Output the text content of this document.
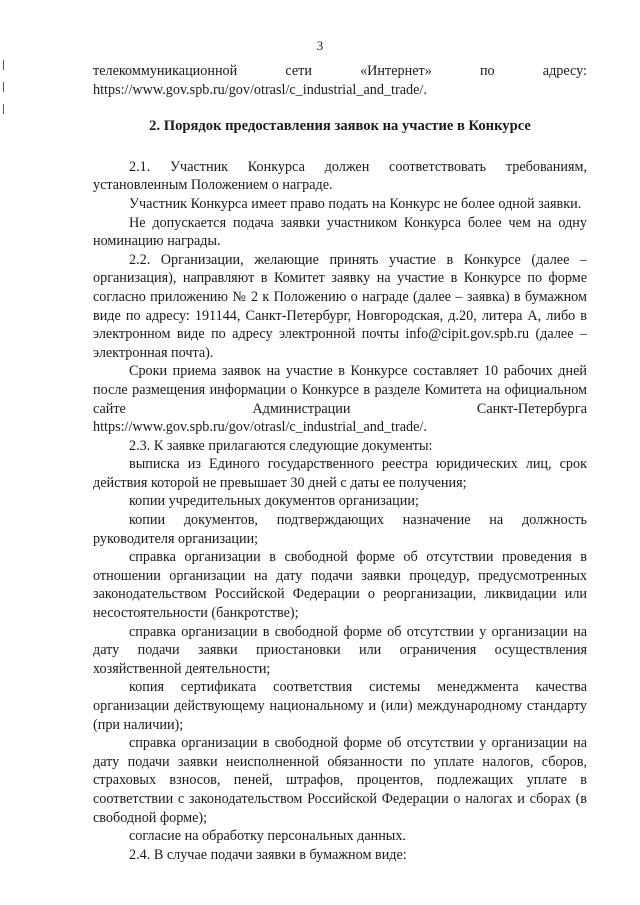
3

телекоммуникационной сети «Интернет» по адресу: https://www.gov.spb.ru/gov/otrasl/c_industrial_and_trade/.

2. Порядок предоставления заявок на участие в Конкурсе

2.1. Участник Конкурса должен соответствовать требованиям, установленным Положением о награде.

Участник Конкурса имеет право подать на Конкурс не более одной заявки.

Не допускается подача заявки участником Конкурса более чем на одну номинацию награды.

2.2. Организации, желающие принять участие в Конкурсе (далее – организация), направляют в Комитет заявку на участие в Конкурсе по форме согласно приложению № 2 к Положению о награде (далее – заявка) в бумажном виде по адресу: 191144, Санкт-Петербург, Новгородская, д.20, литера А, либо в электронном виде по адресу электронной почты info@cipit.gov.spb.ru (далее – электронная почта).

Сроки приема заявок на участие в Конкурсе составляет 10 рабочих дней после размещения информации о Конкурсе в разделе Комитета на официальном сайте Администрации Санкт-Петербурга https://www.gov.spb.ru/gov/otrasl/c_industrial_and_trade/.

2.3. К заявке прилагаются следующие документы:

выписка из Единого государственного реестра юридических лиц, срок действия которой не превышает 30 дней с даты ее получения;

копии учредительных документов организации;

копии документов, подтверждающих назначение на должность руководителя организации;

справка организации в свободной форме об отсутствии проведения в отношении организации на дату подачи заявки процедур, предусмотренных законодательством Российской Федерации о реорганизации, ликвидации или несостоятельности (банкротстве);

справка организации в свободной форме об отсутствии у организации на дату подачи заявки приостановки или ограничения осуществления хозяйственной деятельности;

копия сертификата соответствия системы менеджмента качества организации действующему национальному и (или) международному стандарту (при наличии);

справка организации в свободной форме об отсутствии у организации на дату подачи заявки неисполненной обязанности по уплате налогов, сборов, страховых взносов, пеней, штрафов, процентов, подлежащих уплате в соответствии с законодательством Российской Федерации о налогах и сборах (в свободной форме);

согласие на обработку персональных данных.

2.4. В случае подачи заявки в бумажном виде:
